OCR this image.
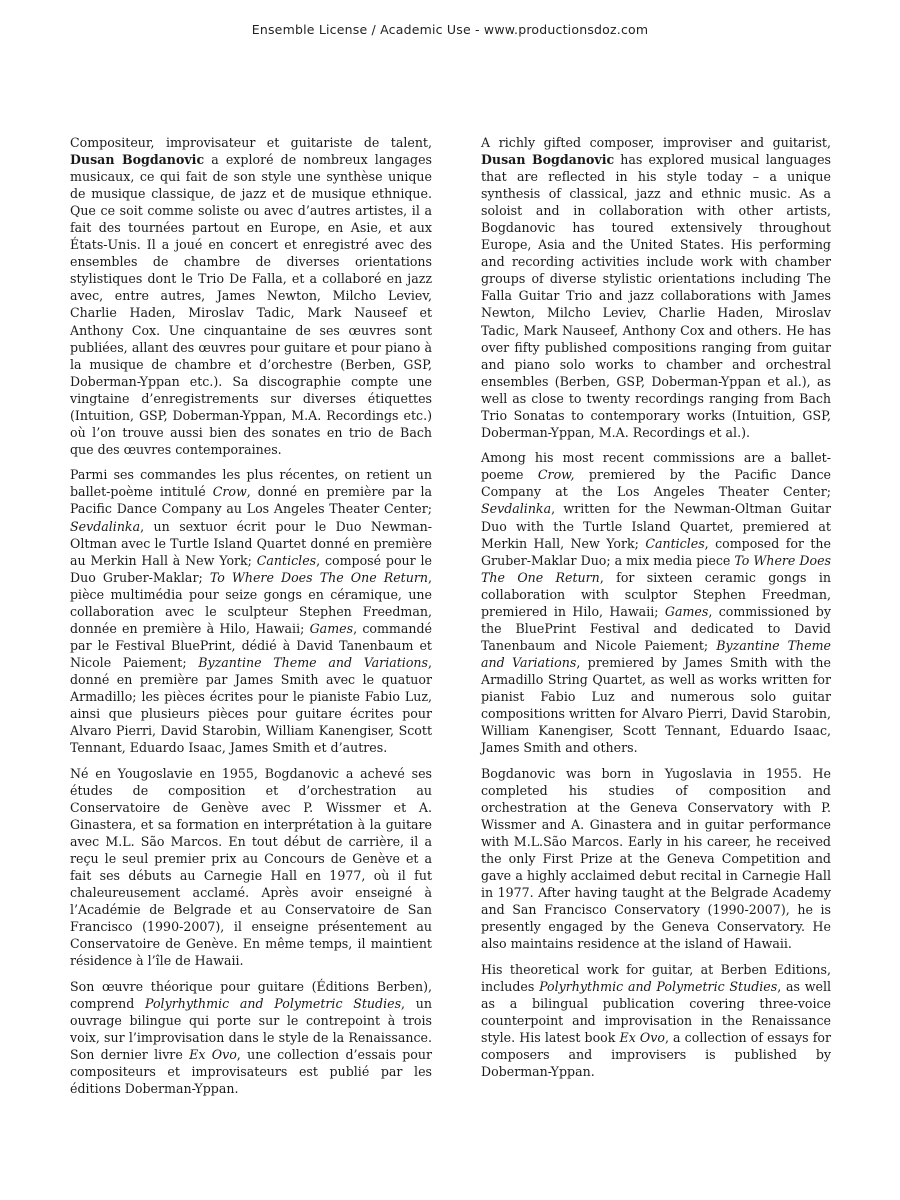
Ensemble License / Academic Use - www.productionsdoz.com

Compositeur, improvisateur et guitariste de talent, Dusan Bogdanovic a exploré de nombreux langages musicaux, ce qui fait de son style une synthèse unique de musique classique, de jazz et de musique ethnique. Que ce soit comme soliste ou avec d’autres artistes, il a fait des tournées partout en Europe, en Asie, et aux États-Unis. Il a joué en concert et enregistré avec des ensembles de chambre de diverses orientations stylistiques dont le Trio De Falla, et a collaboré en jazz avec, entre autres, James Newton, Milcho Leviev, Charlie Haden, Miroslav Tadic, Mark Nauseef et Anthony Cox. Une cinquantaine de ses œuvres sont publiées, allant des œuvres pour guitare et pour piano à la musique de chambre et d’orchestre (Berben, GSP, Doberman-Yppan etc.). Sa discographie compte une vingtaine d’enregistrements sur diverses étiquettes (Intuition, GSP, Doberman-Yppan, M.A. Recordings etc.) où l’on trouve aussi bien des sonates en trio de Bach que des œuvres contemporaines.

Parmi ses commandes les plus récentes, on retient un ballet-poème intitulé Crow, donné en première par la Pacific Dance Company au Los Angeles Theater Center; Sevdalinka, un sextuor écrit pour le Duo Newman-Oltman avec le Turtle Island Quartet donné en première au Merkin Hall à New York; Canticles, composé pour le Duo Gruber-Maklar; To Where Does The One Return, pièce multimédia pour seize gongs en céramique, une collaboration avec le sculpteur Stephen Freedman, donnée en première à Hilo, Hawaii; Games, commandé par le Festival BluePrint, dédié à David Tanenbaum et Nicole Paiement; Byzantine Theme and Variations, donné en première par James Smith avec le quatuor Armadillo; les pièces écrites pour le pianiste Fabio Luz, ainsi que plusieurs pièces pour guitare écrites pour Alvaro Pierri, David Starobin, William Kanengiser, Scott Tennant, Eduardo Isaac, James Smith et d’autres.

Né en Yougoslavie en 1955, Bogdanovic a achevé ses études de composition et d’orchestration au Conservatoire de Genève avec P. Wissmer et A. Ginastera, et sa formation en interprétation à la guitare avec M.L. São Marcos. En tout début de carrière, il a reçu le seul premier prix au Concours de Genève et a fait ses débuts au Carnegie Hall en 1977, où il fut chaleureusement acclamé. Après avoir enseigné à l’Académie de Belgrade et au Conservatoire de San Francisco (1990-2007), il enseigne présentement au Conservatoire de Genève. En même temps, il maintient résidence à l’île de Hawaii.

Son œuvre théorique pour guitare (Éditions Berben), comprend Polyrhythmic and Polymetric Studies, un ouvrage bilingue qui porte sur le contrepoint à trois voix, sur l’improvisation dans le style de la Renaissance. Son dernier livre Ex Ovo, une collection d’essais pour compositeurs et improvisateurs est publié par les éditions Doberman-Yppan.

A richly gifted composer, improviser and guitarist, Dusan Bogdanovic has explored musical languages that are reflected in his style today – a unique synthesis of classical, jazz and ethnic music. As a soloist and in collaboration with other artists, Bogdanovic has toured extensively throughout Europe, Asia and the United States. His performing and recording activities include work with chamber groups of diverse stylistic orientations including The Falla Guitar Trio and jazz collaborations with James Newton, Milcho Leviev, Charlie Haden, Miroslav Tadic, Mark Nauseef, Anthony Cox and others. He has over fifty published compositions ranging from guitar and piano solo works to chamber and orchestral ensembles (Berben, GSP, Doberman-Yppan et al.), as well as close to twenty recordings ranging from Bach Trio Sonatas to contemporary works (Intuition, GSP, Doberman-Yppan, M.A. Recordings et al.).

Among his most recent commissions are a ballet-poeme Crow, premiered by the Pacific Dance Company at the Los Angeles Theater Center; Sevdalinka, written for the Newman-Oltman Guitar Duo with the Turtle Island Quartet, premiered at Merkin Hall, New York; Canticles, composed for the Gruber-Maklar Duo; a mix media piece To Where Does The One Return, for sixteen ceramic gongs in collaboration with sculptor Stephen Freedman, premiered in Hilo, Hawaii; Games, commissioned by the BluePrint Festival and dedicated to David Tanenbaum and Nicole Paiement; Byzantine Theme and Variations, premiered by James Smith with the Armadillo String Quartet, as well as works written for pianist Fabio Luz and numerous solo guitar compositions written for Alvaro Pierri, David Starobin, William Kanengiser, Scott Tennant, Eduardo Isaac, James Smith and others.

Bogdanovic was born in Yugoslavia in 1955. He completed his studies of composition and orchestration at the Geneva Conservatory with P. Wissmer and A. Ginastera and in guitar performance with M.L.São Marcos. Early in his career, he received the only First Prize at the Geneva Competition and gave a highly acclaimed debut recital in Carnegie Hall in 1977. After having taught at the Belgrade Academy and San Francisco Conservatory (1990-2007), he is presently engaged by the Geneva Conservatory. He also maintains residence at the island of Hawaii.

His theoretical work for guitar, at Berben Editions, includes Polyrhythmic and Polymetric Studies, as well as a bilingual publication covering three-voice counterpoint and improvisation in the Renaissance style. His latest book Ex Ovo, a collection of essays for composers and improvisers is published by Doberman-Yppan.
